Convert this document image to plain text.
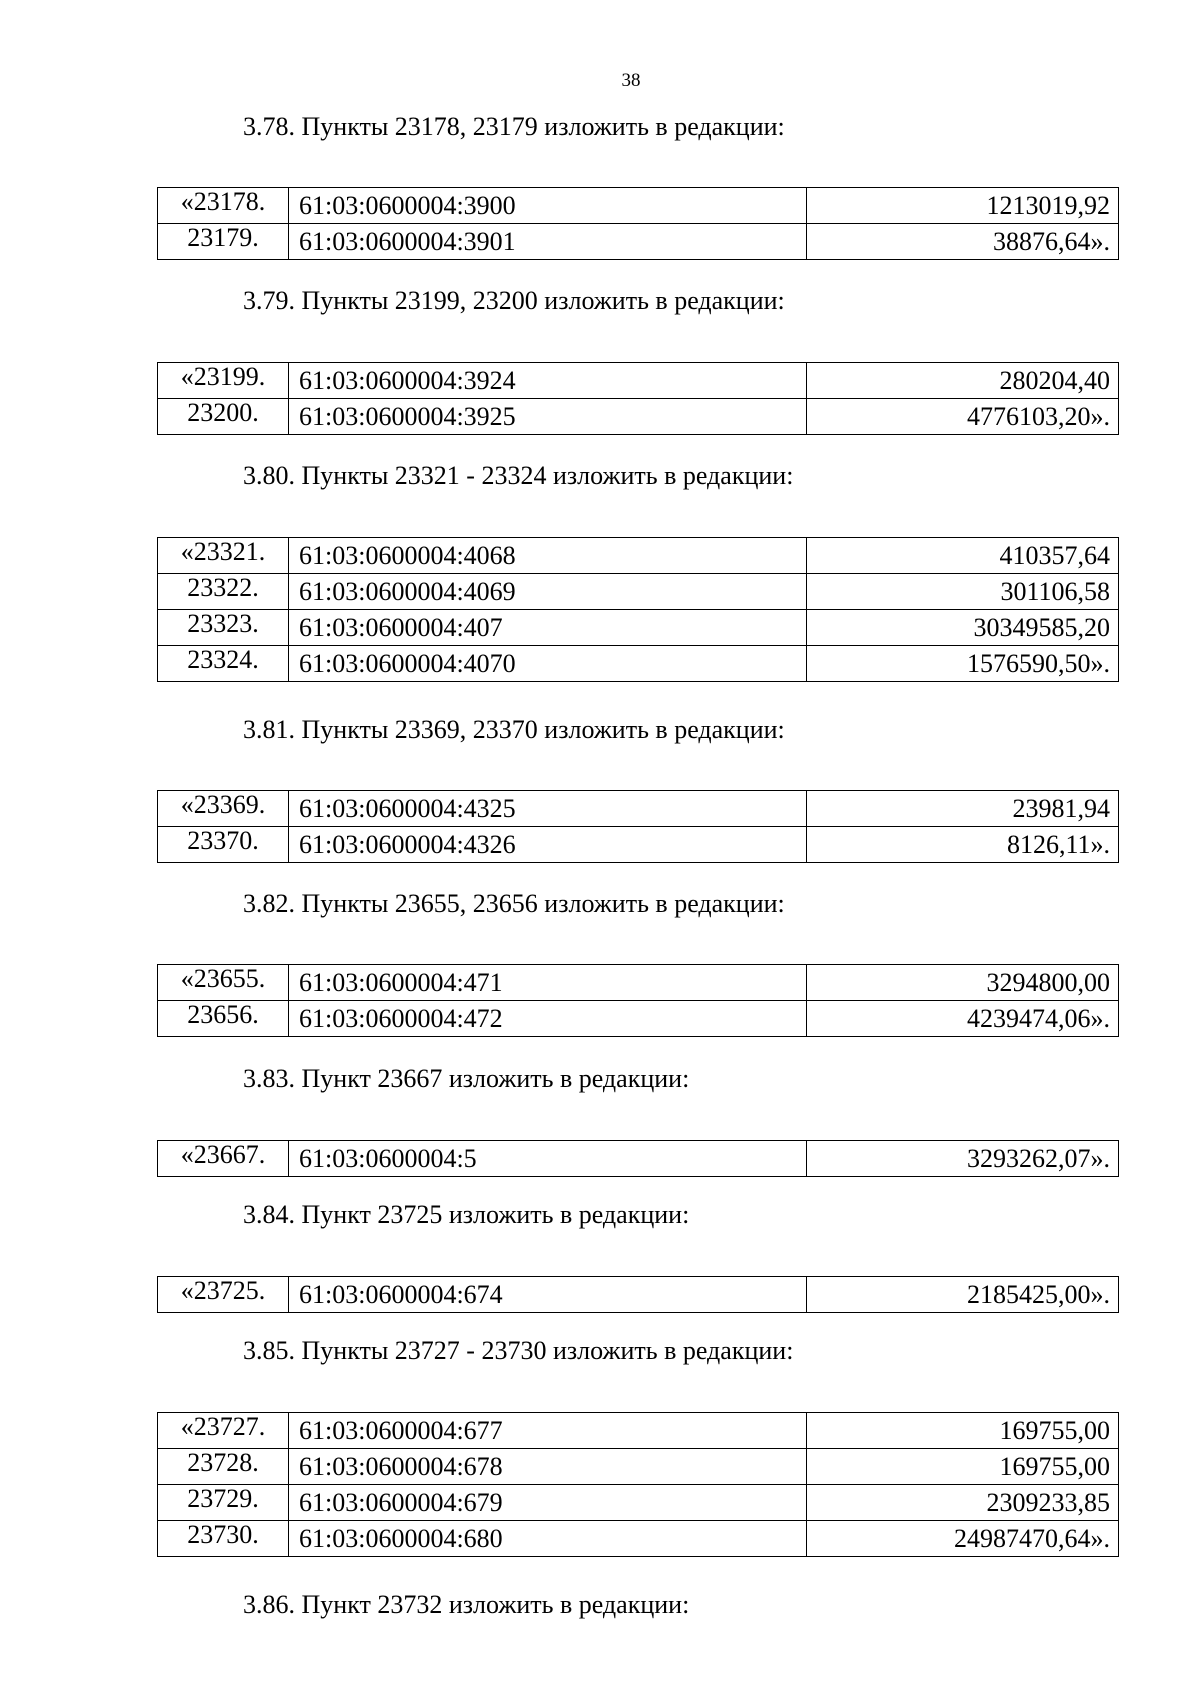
38
3.78. Пункты 23178, 23179 изложить в редакции:
«23178.	61:03:0600004:3900	1213019,92
23179.	61:03:0600004:3901	38876,64».
3.79. Пункты 23199, 23200 изложить в редакции:
«23199.	61:03:0600004:3924	280204,40
23200.	61:03:0600004:3925	4776103,20».
3.80. Пункты 23321 - 23324 изложить в редакции:
«23321.	61:03:0600004:4068	410357,64
23322.	61:03:0600004:4069	301106,58
23323.	61:03:0600004:407	30349585,20
23324.	61:03:0600004:4070	1576590,50».
3.81. Пункты 23369, 23370 изложить в редакции:
«23369.	61:03:0600004:4325	23981,94
23370.	61:03:0600004:4326	8126,11».
3.82. Пункты 23655, 23656 изложить в редакции:
«23655.	61:03:0600004:471	3294800,00
23656.	61:03:0600004:472	4239474,06».
3.83. Пункт 23667 изложить в редакции:
«23667.	61:03:0600004:5	3293262,07».
3.84. Пункт 23725 изложить в редакции:
«23725.	61:03:0600004:674	2185425,00».
3.85. Пункты 23727 - 23730 изложить в редакции:
«23727.	61:03:0600004:677	169755,00
23728.	61:03:0600004:678	169755,00
23729.	61:03:0600004:679	2309233,85
23730.	61:03:0600004:680	24987470,64».
3.86. Пункт 23732 изложить в редакции:
